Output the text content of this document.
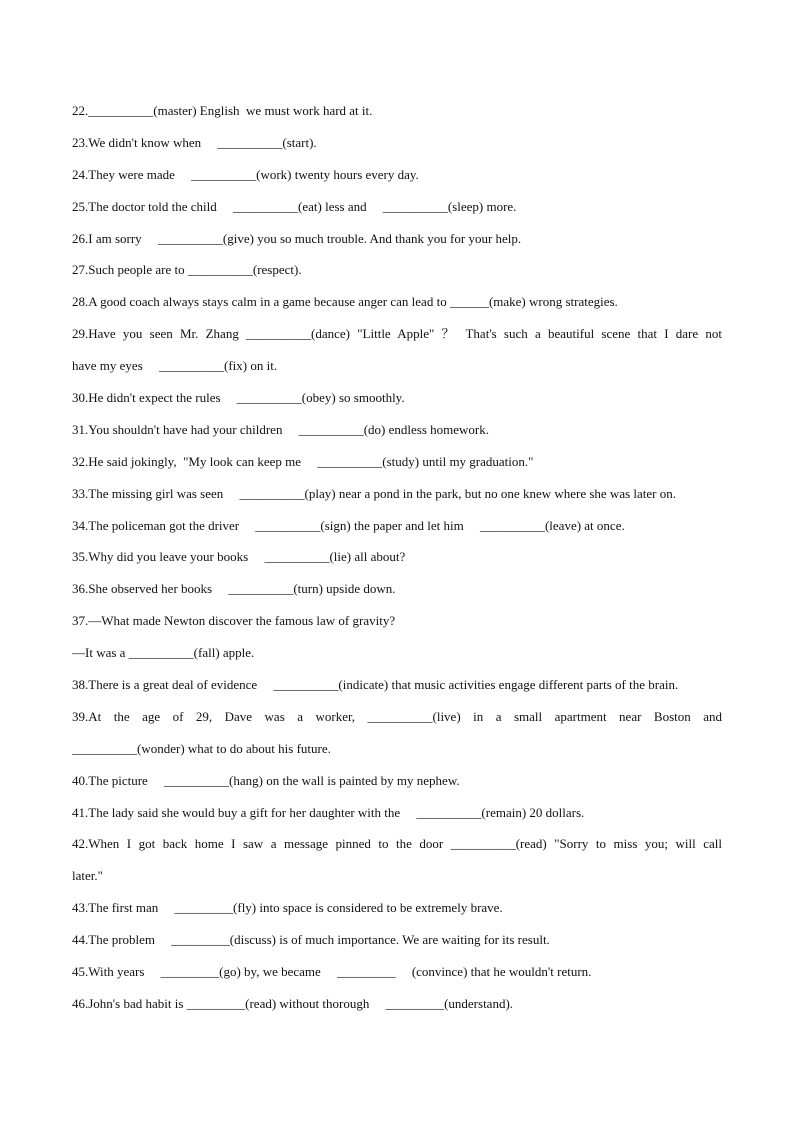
22.__________(master) English  we must work hard at it.
23.We didn't know when     __________(start).
24.They were made     __________(work) twenty hours every day.
25.The doctor told the child     __________(eat) less and     __________(sleep) more.
26.I am sorry     __________(give) you so much trouble. And thank you for your help.
27.Such people are to __________(respect).
28.A good coach always stays calm in a game because anger can lead to ______(make) wrong strategies.
29.Have you seen Mr. Zhang __________(dance) "Little Apple" ？ That's such a beautiful scene that I dare not
have my eyes     __________(fix) on it.
30.He didn't expect the rules     __________(obey) so smoothly.
31.You shouldn't have had your children     __________(do) endless homework.
32.He said jokingly,  "My look can keep me     __________(study) until my graduation."
33.The missing girl was seen     __________(play) near a pond in the park, but no one knew where she was later on.
34.The policeman got the driver     __________(sign) the paper and let him     __________(leave) at once.
35.Why did you leave your books     __________(lie) all about?
36.She observed her books     __________(turn) upside down.
37.—What made Newton discover the famous law of gravity?
—It was a __________(fall) apple.
38.There is a great deal of evidence     __________(indicate) that music activities engage different parts of the brain.
39.At the age of 29, Dave was a worker, __________(live) in a small apartment near Boston and
__________(wonder) what to do about his future.
40.The picture     __________(hang) on the wall is painted by my nephew.
41.The lady said she would buy a gift for her daughter with the     __________(remain) 20 dollars.
42.When I got back home I saw a message pinned to the door __________(read) "Sorry to miss you; will call
later."
43.The first man     _________(fly) into space is considered to be extremely brave.
44.The problem     _________(discuss) is of much importance. We are waiting for its result.
45.With years     _________(go) by, we became     _________     (convince) that he wouldn't return.
46.John's bad habit is _________(read) without thorough     _________(understand).
